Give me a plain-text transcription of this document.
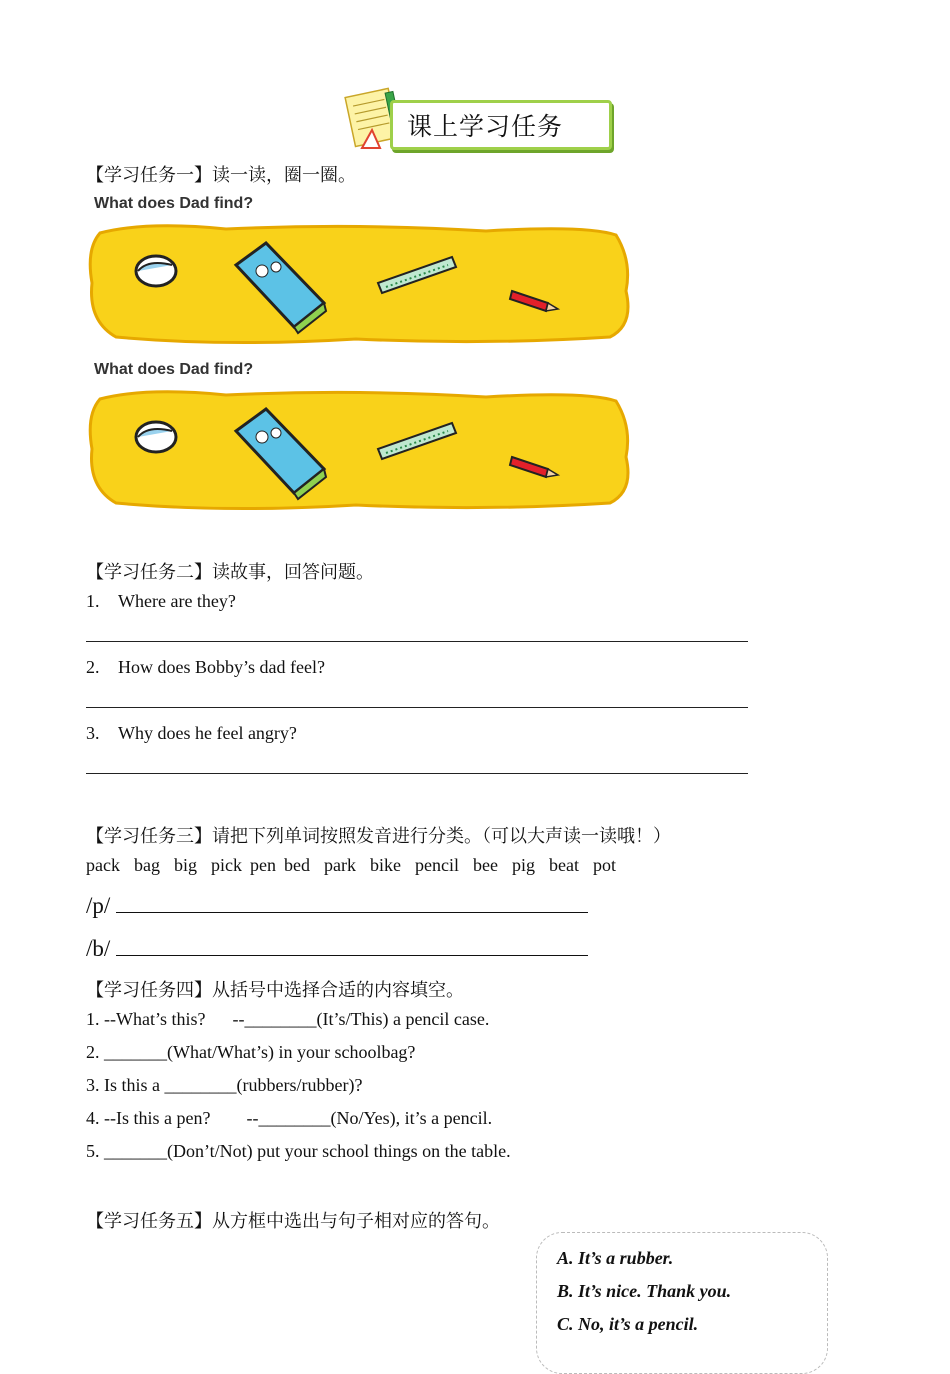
课上学习任务
【学习任务一】读一读，圈一圈。
What does Dad find?
What does Dad find?
【学习任务二】读故事，回答问题。
1. Where are they?
2. How does Bobby’s dad feel?
3. Why does he feel angry?
【学习任务三】请把下列单词按照发音进行分类。（可以大声读一读哦！）
pack bag big pick pen bed park bike pencil bee pig beat pot
/p/
/b/
【学习任务四】从括号中选择合适的内容填空。
1. --What’s this?      --________(It’s/This) a pencil case.
2. _______(What/What’s) in your schoolbag?
3. Is this a ________(rubbers/rubber)?
4. --Is this a pen?        --________(No/Yes), it’s a pencil.
5. _______(Don’t/Not) put your school things on the table.
【学习任务五】从方框中选出与句子相对应的答句。
A. It’s a rubber.
B. It’s nice. Thank you.
C. No, it’s a pencil.
